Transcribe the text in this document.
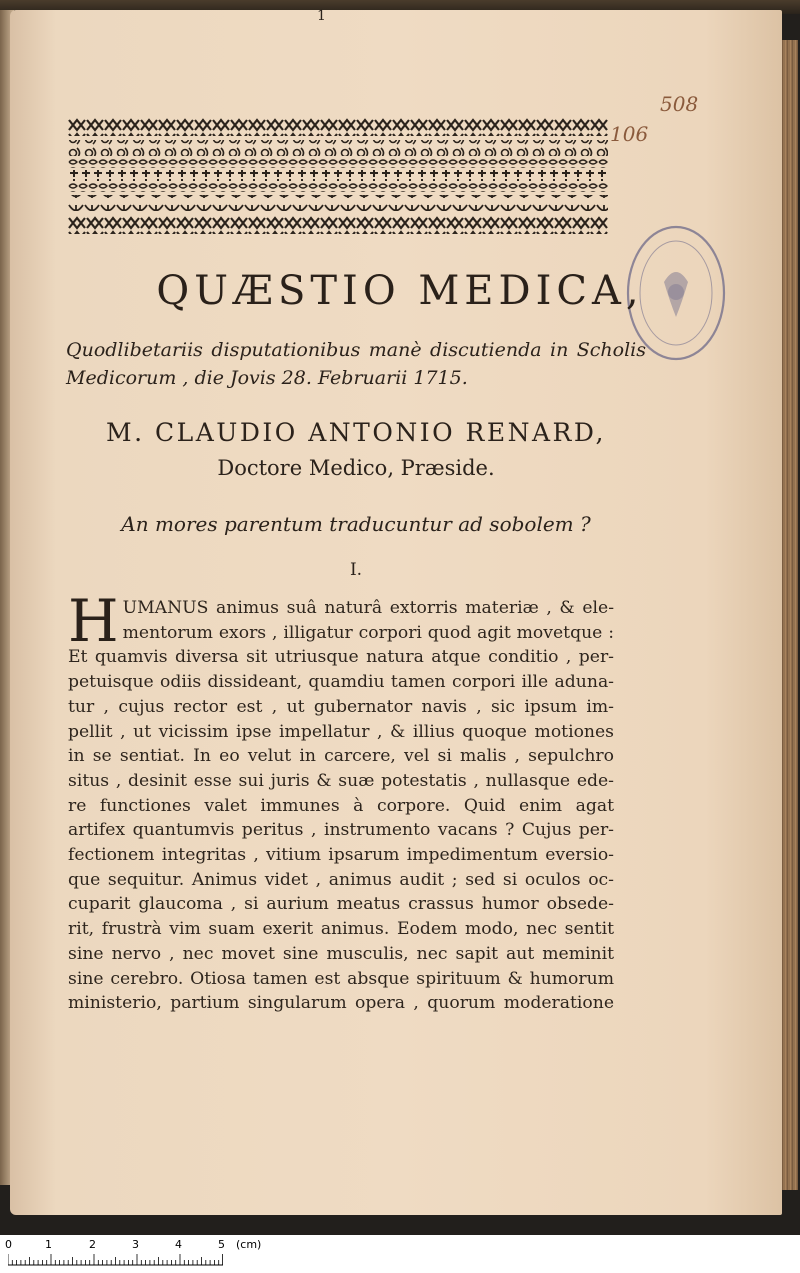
1
508
106
QUÆSTIO MEDICA,
Quodlibetariis disputationibus manè discutienda in Scholis Medicorum , die Jovis 28. Februarii 1715.
M. CLAUDIO ANTONIO RENARD,
Doctore Medico, Præside.
An mores parentum traducuntur ad sobolem ?
I.
H UMANUS animus suâ naturâ extorris materiæ , & ele-
mentorum exors , illigatur corpori quod agit movetque :
Et quamvis diversa sit utriusque natura atque conditio , per-
petuisque odiis dissideant, quamdiu tamen corpori ille aduna-
tur , cujus rector est , ut gubernator navis , sic ipsum im-
pellit , ut vicissim ipse impellatur , & illius quoque motiones
in se sentiat. In eo velut in carcere, vel si malis , sepulchro
situs , desinit esse sui juris & suæ potestatis , nullasque ede-
re functiones valet immunes à corpore. Quid enim agat
artifex quantumvis peritus , instrumento vacans ? Cujus per-
fectionem integritas , vitium ipsarum impedimentum eversio-
que sequitur. Animus videt , animus audit ; sed si oculos oc-
cuparit glaucoma , si aurium meatus crassus humor obsede-
rit, frustrà vim suam exerit animus. Eodem modo, nec sentit
sine nervo , nec movet sine musculis, nec sapit aut meminit
sine cerebro. Otiosa tamen est absque spirituum & humorum
ministerio, partium singularum opera , quorum moderatione
0	1	2	3	4	5 (cm)
